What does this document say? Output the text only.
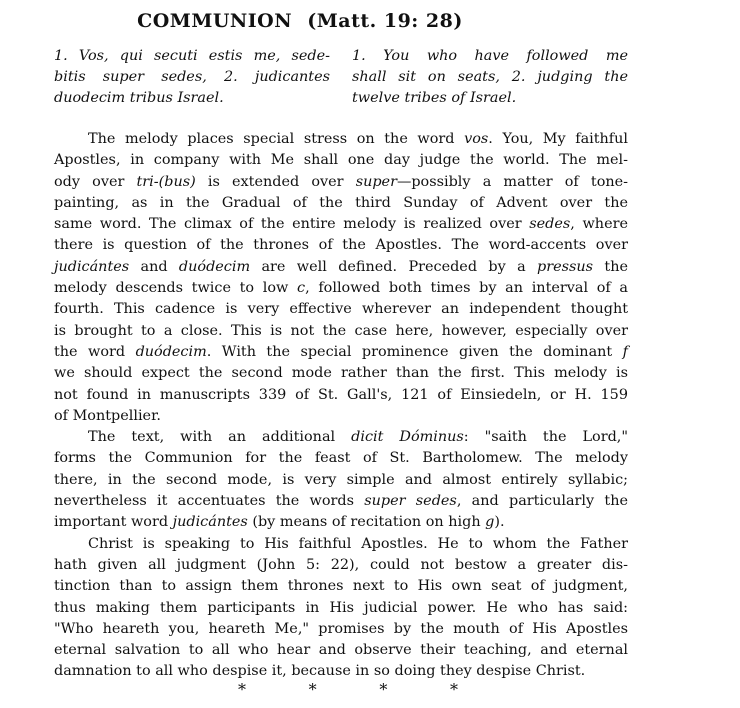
COMMUNION (Matt. 19: 28)
1. Vos, qui secuti estis me, sede-
bitis super sedes, 2. judicantes
duodecim tribus Israel.
1. You who have followed me
shall sit on seats, 2. judging the
twelve tribes of Israel.
The melody places special stress on the word vos. You, My faithful
Apostles, in company with Me shall one day judge the world. The mel-
ody over tri-(bus) is extended over super—possibly a matter of tone-
painting, as in the Gradual of the third Sunday of Advent over the
same word. The climax of the entire melody is realized over sedes, where
there is question of the thrones of the Apostles. The word-accents over
judicántes and duódecim are well defined. Preceded by a pressus the
melody descends twice to low c, followed both times by an interval of a
fourth. This cadence is very effective wherever an independent thought
is brought to a close. This is not the case here, however, especially over
the word duódecim. With the special prominence given the dominant f
we should expect the second mode rather than the first. This melody is
not found in manuscripts 339 of St. Gall's, 121 of Einsiedeln, or H. 159
of Montpellier.
The text, with an additional dicit Dóminus: "saith the Lord,"
forms the Communion for the feast of St. Bartholomew. The melody
there, in the second mode, is very simple and almost entirely syllabic;
nevertheless it accentuates the words super sedes, and particularly the
important word judicántes (by means of recitation on high g).
Christ is speaking to His faithful Apostles. He to whom the Father
hath given all judgment (John 5: 22), could not bestow a greater dis-
tinction than to assign them thrones next to His own seat of judgment,
thus making them participants in His judicial power. He who has said:
"Who heareth you, heareth Me," promises by the mouth of His Apostles
eternal salvation to all who hear and observe their teaching, and eternal
damnation to all who despise it, because in so doing they despise Christ.
*	*	*	*
